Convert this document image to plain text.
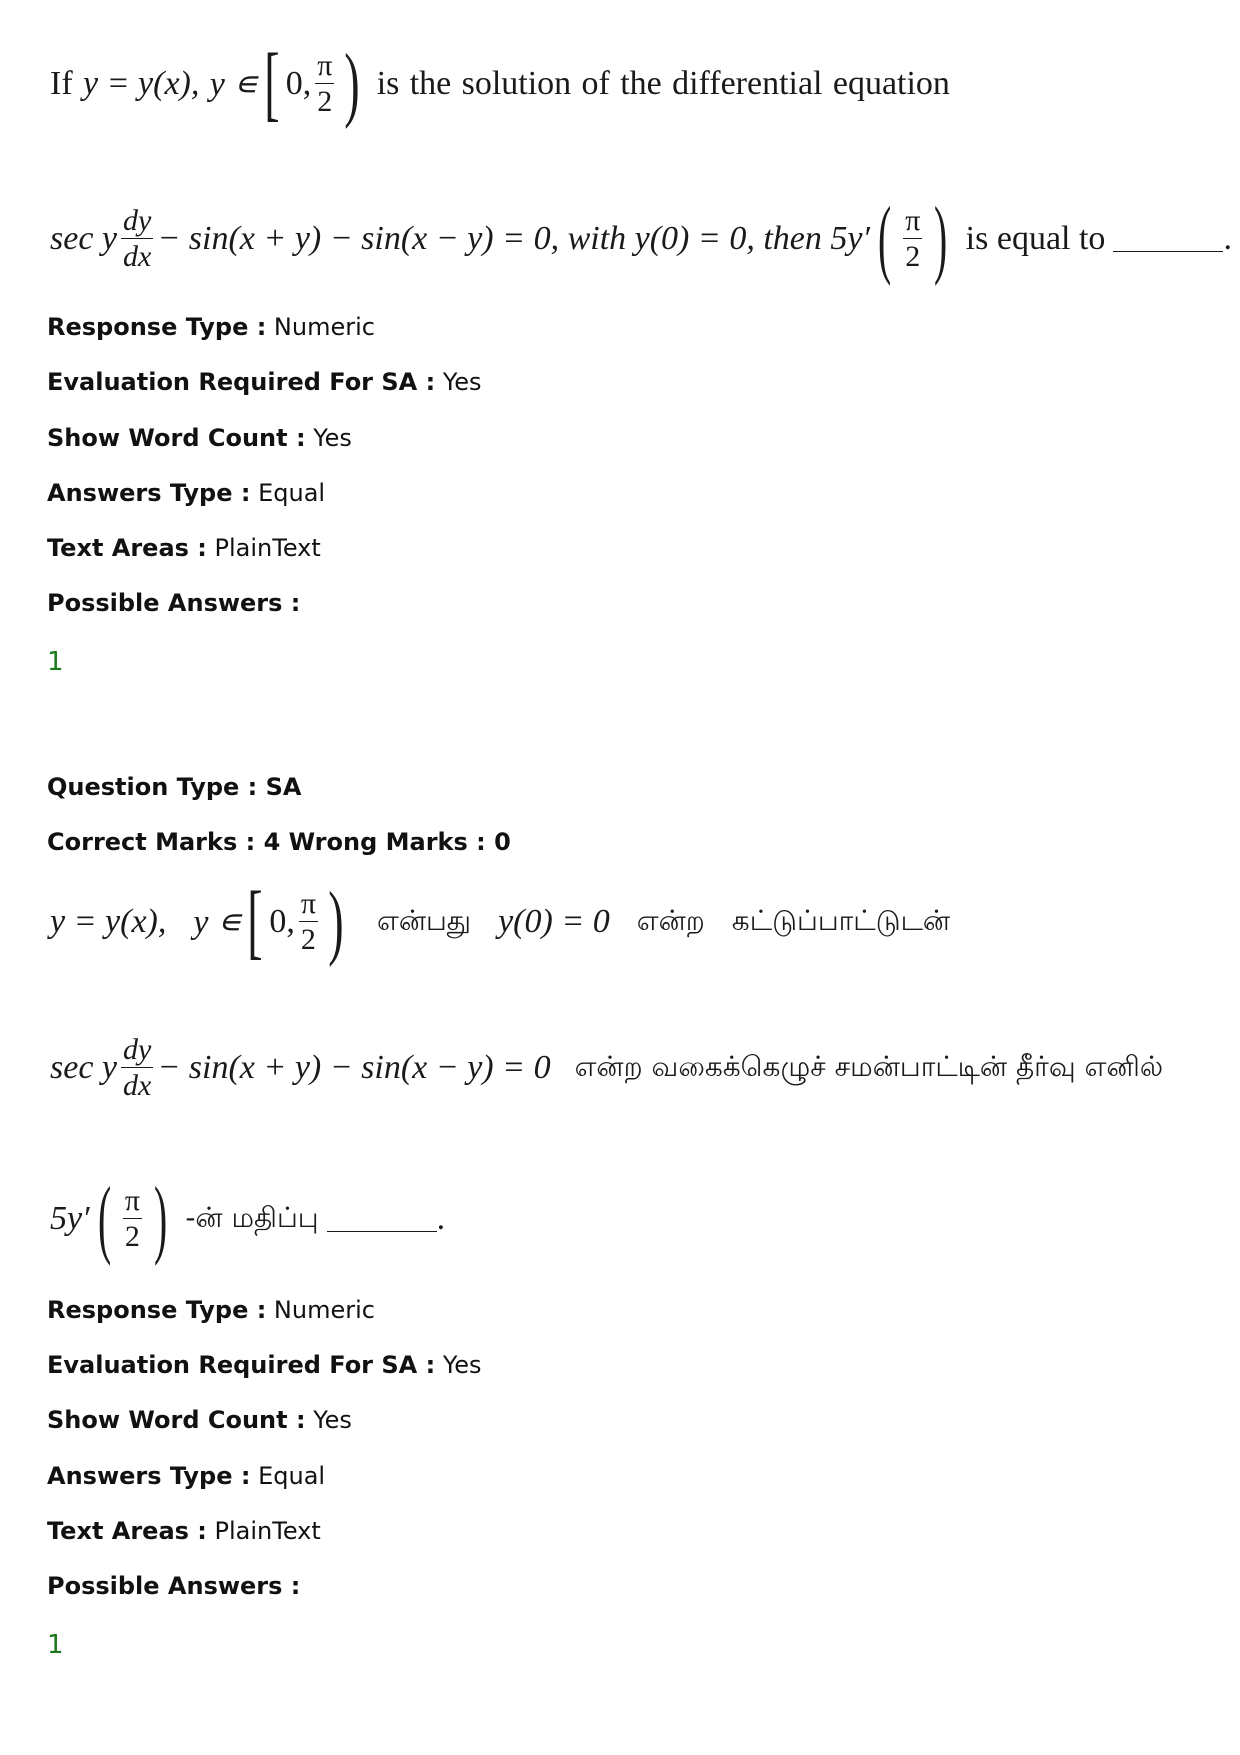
If y = y(x), y ∊ [ 0, $\frac{\pi}{2}$ ) is the solution of the differential equation
sec y $\frac{dy}{dx} - \sin(x + y) - \sin(x - y) = 0$, with y(0) = 0, then 5y′ ( $\frac{\pi}{2}$ ) is equal to	.
Response Type : Numeric
Evaluation Required For SA : Yes
Show Word Count : Yes
Answers Type : Equal
Text Areas : PlainText
Possible Answers :
1
Question Type : SA
Correct Marks : 4 Wrong Marks : 0
y = y(x), y ∊ [ 0, $\frac{\pi}{2}$ ) என்பது y(0) = 0 என்ற கட்டுப்பாட்டுடன்
sec y $\frac{dy}{dx} - \sin(x + y) - \sin(x - y) = 0$ என்ற வகைக்கெழுச் சமன்பாட்டின் தீர்வு எனில்
5y′ ( $\frac{\pi}{2}$ ) -ன் மதிப்பு	.
Response Type : Numeric
Evaluation Required For SA : Yes
Show Word Count : Yes
Answers Type : Equal
Text Areas : PlainText
Possible Answers :
1
